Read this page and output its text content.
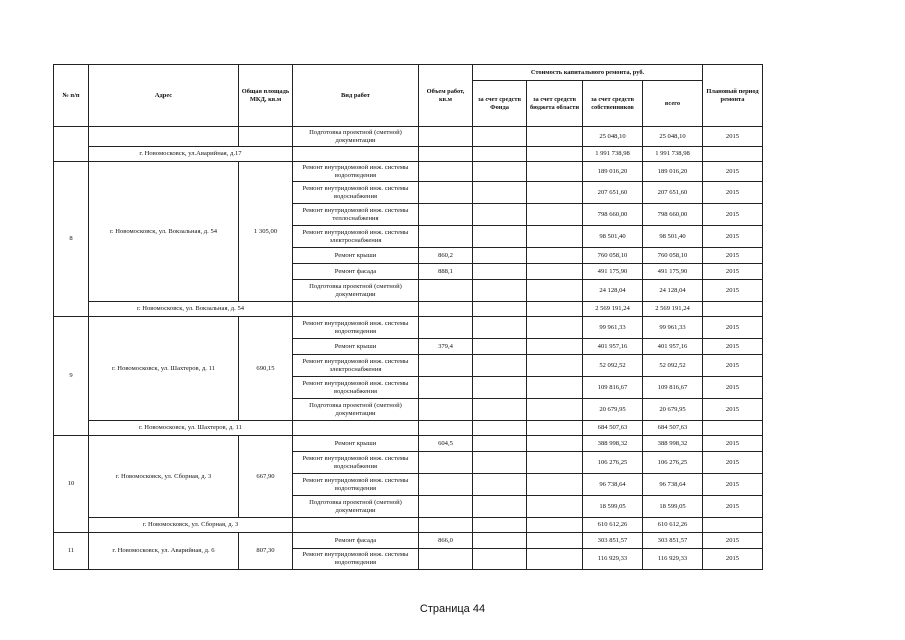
№ п/п	Адрес	Общая площадь МКД, кв.м	Вид работ	Объем работ, кв.м	Стоимость капитального ремонта, руб.				Плановый период ремонта
					за счет средств Фонда	за счет средств бюджета области	за счет средств собственников	всего	
			Подготовка проектной (сметной) документации				25 048,10	25 048,10	2015
	г. Новомосковск, ул.Аварийная, д.17						1 991 738,98	1 991 738,98	
8	г. Новомосковск, ул. Вокзальная, д. 54	1 305,00	Ремонт внутридомовой инж. системы водоотведения				189 016,20	189 016,20	2015
			Ремонт внутридомовой инж. системы водоснабжения				207 651,60	207 651,60	2015
			Ремонт внутридомовой инж. системы теплоснабжения				798 660,00	798 660,00	2015
			Ремонт внутридомовой инж. системы электроснабжения				98 501,40	98 501,40	2015
			Ремонт крыши	860,2			760 058,10	760 058,10	2015
			Ремонт фасада	888,1			491 175,90	491 175,90	2015
			Подготовка проектной (сметной) документации				24 128,04	24 128,04	2015
	г. Новомосковск, ул. Вокзальная, д. 54						2 569 191,24	2 569 191,24	
9	г. Новомосковск, ул. Шахтеров, д. 11	690,15	Ремонт внутридомовой инж. системы водоотведения				99 961,33	99 961,33	2015
			Ремонт крыши	379,4			401 957,16	401 957,16	2015
			Ремонт внутридомовой инж. системы электроснабжения				52 092,52	52 092,52	2015
			Ремонт внутридомовой инж. системы водоснабжения				109 816,67	109 816,67	2015
			Подготовка проектной (сметной) документации				20 679,95	20 679,95	2015
	г. Новомосковск, ул. Шахтеров, д. 11						684 507,63	684 507,63	
10	г. Новомосковск, ул. Сборная, д. 3	667,90	Ремонт крыши	604,5			388 998,32	388 998,32	2015
			Ремонт внутридомовой инж. системы водоснабжения				106 276,25	106 276,25	2015
			Ремонт внутридомовой инж. системы водоотведения				96 738,64	96 738,64	2015
			Подготовка проектной (сметной) документации				18 599,05	18 599,05	2015
	г. Новомосковск, ул. Сборная, д. 3						610 612,26	610 612,26	
11	г. Новомосковск, ул. Аварийная, д. 6	807,30	Ремонт фасада	866,0			303 851,57	303 851,57	2015
			Ремонт внутридомовой инж. системы водоотведения				116 929,33	116 929,33	2015
Страница 44
